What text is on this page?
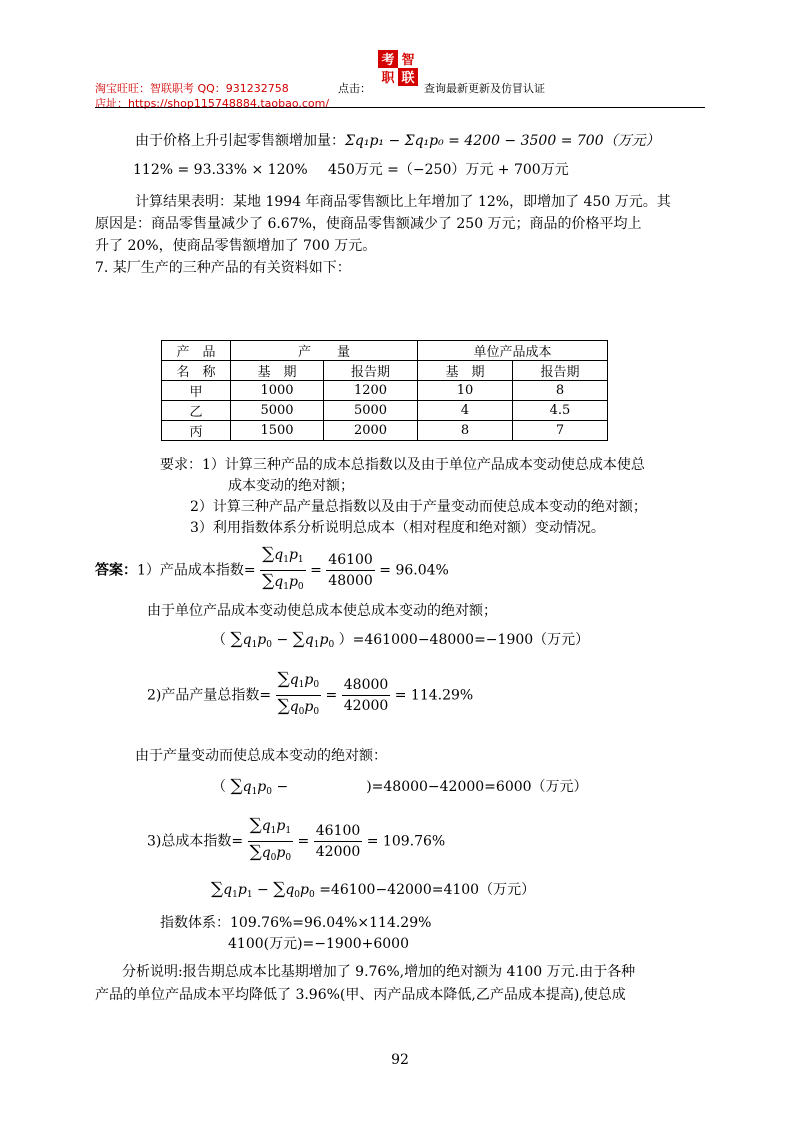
淘宝旺旺：智联职考 QQ：931232758
店址：https://shop115748884.taobao.com/
点击：
考 智
职 联
查询最新更新及仿冒认证
由于价格上升引起零售额增加量：Σq₁p₁ − Σq₁p₀ = 4200 − 3500 = 700（万元）
112% = 93.33% × 120% 450万元 =（−250）万元 + 700万元
计算结果表明：某地 1994 年商品零售额比上年增加了 12%，即增加了 450 万元。其
原因是：商品零售量减少了 6.67%，使商品零售额减少了 250 万元；商品的价格平均上
升了 20%，使商品零售额增加了 700 万元。
7. 某厂生产的三种产品的有关资料如下：
产　品	产　　量		单位产品成本	
名　称	基　期	报告期	基　期	报告期
甲	1000	1200	10	8
乙	5000	5000	4	4.5
丙	1500	2000	8	7
要求：1）计算三种产品的成本总指数以及由于单位产品成本变动使总成本使总
成本变动的绝对额；
2）计算三种产品产量总指数以及由于产量变动而使总成本变动的绝对额；
3）利用指数体系分析说明总成本（相对程度和绝对额）变动情况。
答案：1）产品成本指数= $\frac{\sum q_1p_1}{\sum q_1p_0} = \frac{46100}{48000} = 96.04\%$
由于单位产品成本变动使总成本使总成本变动的绝对额；
（ $\sum q_1p_0 - \sum q_1p_0$ ）=461000−48000=−1900（万元）
2)产品产量总指数= $\frac{\sum q_1p_0}{\sum q_0p_0} = \frac{48000}{42000} = 114.29\%$
由于产量变动而使总成本变动的绝对额：
（ $\sum q_1p_0$ −	)=48000−42000=6000（万元）
3)总成本指数= $\frac{\sum q_1p_1}{\sum q_0p_0} = \frac{46100}{42000} = 109.76\%$
$\sum q_1p_1 - \sum q_0p_0 =46100-42000=4100$（万元）
指数体系：109.76%=96.04%×114.29%
4100(万元)=−1900+6000
分析说明:报告期总成本比基期增加了 9.76%,增加的绝对额为 4100 万元.由于各种
产品的单位产品成本平均降低了 3.96%(甲、丙产品成本降低,乙产品成本提高),使总成
92
